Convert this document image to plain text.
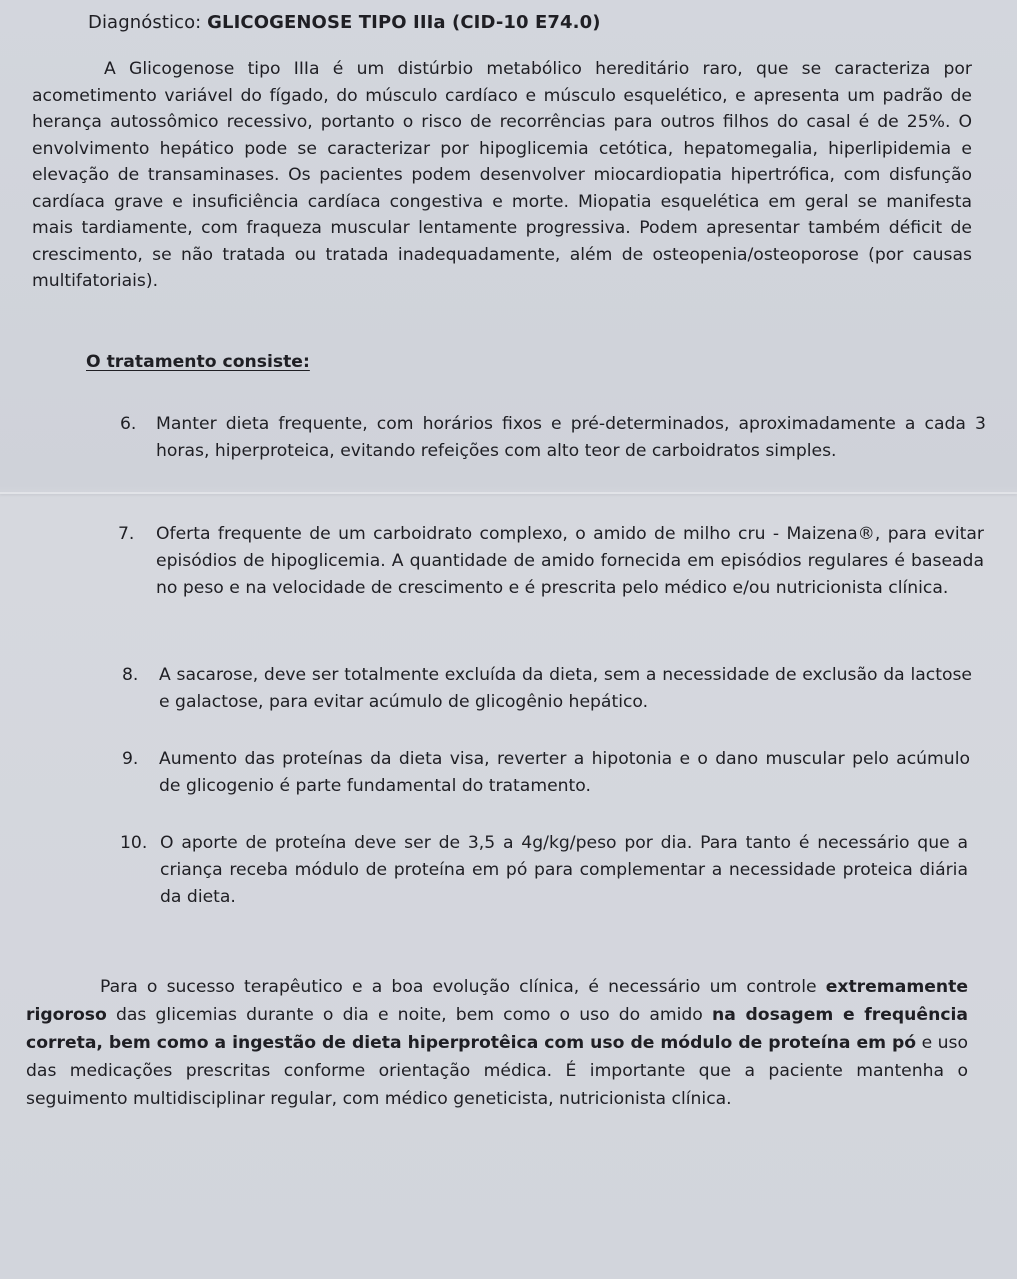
Diagnóstico: GLICOGENOSE TIPO IIIa (CID-10 E74.0)

A Glicogenose tipo IIIa é um distúrbio metabólico hereditário raro, que se caracteriza por acometimento variável do fígado, do músculo cardíaco e músculo esquelético, e apresenta um padrão de herança autossômico recessivo, portanto o risco de recorrências para outros filhos do casal é de 25%. O envolvimento hepático pode se caracterizar por hipoglicemia cetótica, hepatomegalia, hiperlipidemia e elevação de transaminases. Os pacientes podem desenvolver miocardiopatia hipertrófica, com disfunção cardíaca grave e insuficiência cardíaca congestiva e morte. Miopatia esquelética em geral se manifesta mais tardiamente, com fraqueza muscular lentamente progressiva. Podem apresentar também déficit de crescimento, se não tratada ou tratada inadequadamente, além de osteopenia/osteoporose (por causas multifatoriais).

O tratamento consiste:
6. Manter dieta frequente, com horários fixos e pré-determinados, aproximadamente a cada 3 horas, hiperproteica, evitando refeições com alto teor de carboidratos simples.
7. Oferta frequente de um carboidrato complexo, o amido de milho cru - Maizena®, para evitar episódios de hipoglicemia. A quantidade de amido fornecida em episódios regulares é baseada no peso e na velocidade de crescimento e é prescrita pelo médico e/ou nutricionista clínica.
8. A sacarose, deve ser totalmente excluída da dieta, sem a necessidade de exclusão da lactose e galactose, para evitar acúmulo de glicogênio hepático.
9. Aumento das proteínas da dieta visa, reverter a hipotonia e o dano muscular pelo acúmulo de glicogenio é parte fundamental do tratamento.
10. O aporte de proteína deve ser de 3,5 a 4g/kg/peso por dia. Para tanto é necessário que a criança receba módulo de proteína em pó para complementar a necessidade proteica diária da dieta.

Para o sucesso terapêutico e a boa evolução clínica, é necessário um controle extremamente rigoroso das glicemias durante o dia e noite, bem como o uso do amido na dosagem e frequência correta, bem como a ingestão de dieta hiperprotêica com uso de módulo de proteína em pó e uso das medicações prescritas conforme orientação médica. É importante que a paciente mantenha o seguimento multidisciplinar regular, com médico geneticista, nutricionista clínica.
